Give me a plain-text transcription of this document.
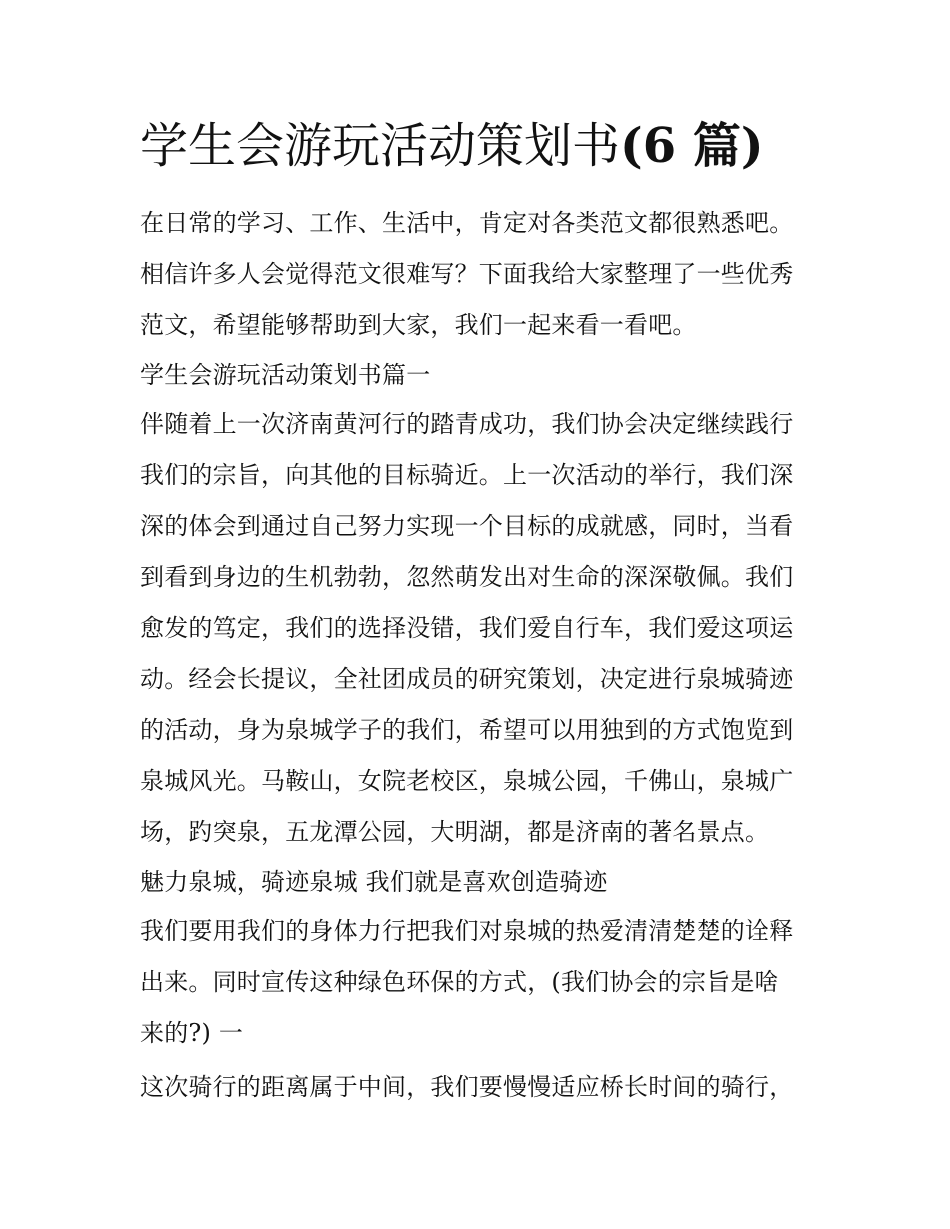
学生会游玩活动策划书(6 篇)

在日常的学习、工作、生活中，肯定对各类范文都很熟悉吧。
相信许多人会觉得范文很难写？下面我给大家整理了一些优秀
范文，希望能够帮助到大家，我们一起来看一看吧。

学生会游玩活动策划书篇一

伴随着上一次济南黄河行的踏青成功，我们协会决定继续践行
我们的宗旨，向其他的目标骑近。上一次活动的举行，我们深
深的体会到通过自己努力实现一个目标的成就感，同时，当看
到看到身边的生机勃勃，忽然萌发出对生命的深深敬佩。我们
愈发的笃定，我们的选择没错，我们爱自行车，我们爱这项运
动。经会长提议，全社团成员的研究策划，决定进行泉城骑迹
的活动，身为泉城学子的我们，希望可以用独到的方式饱览到
泉城风光。马鞍山，女院老校区，泉城公园，千佛山，泉城广
场，趵突泉，五龙潭公园，大明湖，都是济南的著名景点。

魅力泉城，骑迹泉城 我们就是喜欢创造骑迹

我们要用我们的身体力行把我们对泉城的热爱清清楚楚的诠释
出来。同时宣传这种绿色环保的方式，(我们协会的宗旨是啥
来的?) 一

这次骑行的距离属于中间，我们要慢慢适应桥长时间的骑行，
